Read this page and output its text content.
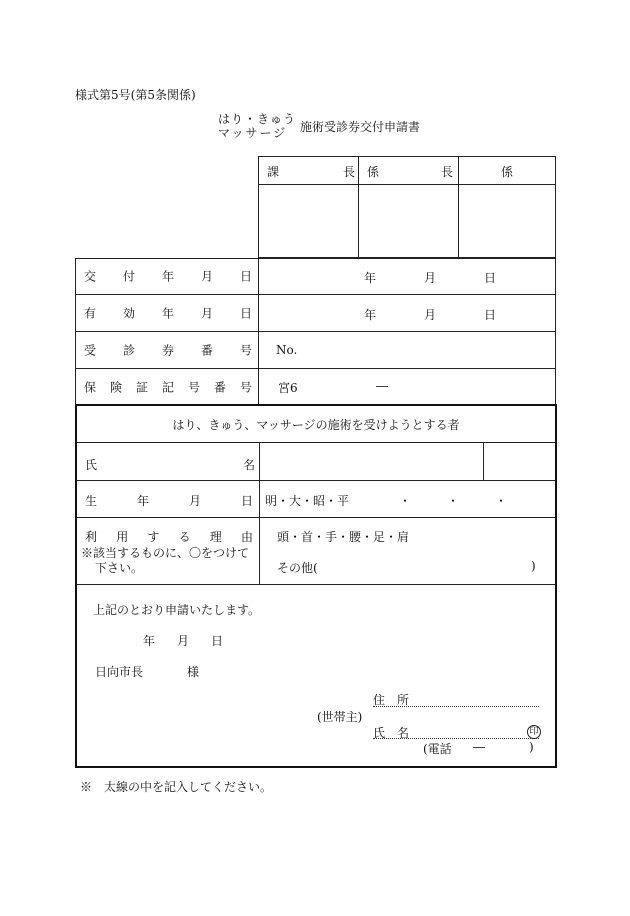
様式第5号(第5条関係)
はり・きゅう
マッサージ 施術受診券交付申請書
課	長 係	長	係
交 付 年 月 日	年	月	日
有 効 年 月 日	年	月	日
受 診 券 番 号 No.
保 険 証 記 号 番 号 宮6	―
はり、きゅう、マッサージの施術を受けようとする者
氏	名
生	年	月	日 明・大・昭・平	・	・	・
利 用 す る 理 由
※該当するものに、〇をつけて
下さい。
頭・首・手・腰・足・肩
その他(	)
上記のとおり申請いたします。
年 月 日
日向市長	様
住　所
(世帯主)
氏　名	印
(電話 ―	)
※　太線の中を記入してください。
